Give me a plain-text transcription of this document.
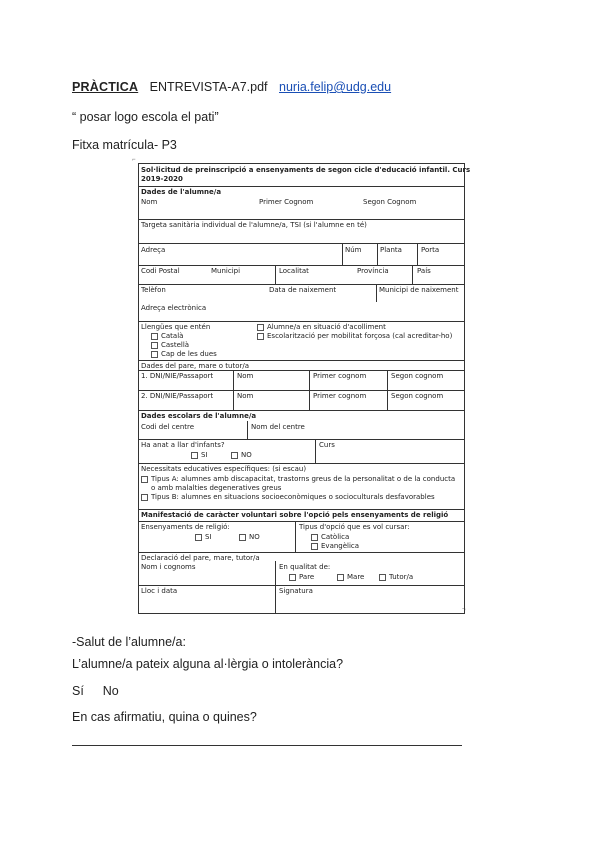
PRÀCTICA ENTREVISTA-A7.pdf nuria.felip@udg.edu
“ posar logo escola el pati”
Fitxa matrícula- P3
⌐
¬
Sol·licitud de preinscripció a ensenyaments de segon cicle d'educació infantil. Curs
2019-2020
Dades de l'alumne/a
Nom	Primer Cognom	Segon Cognom
Targeta sanitària individual de l'alumne/a, TSI (si l'alumne en té)
Adreça	Núm	Planta	Porta
Codi Postal	Municipi	Localitat	Província	País
Telèfon	Data de naixement	Municipi de naixement
Adreça electrònica
Llengües que entén
Català
Castellà
Cap de les dues
Alumne/a en situació d'acolliment
Escolarització per mobilitat forçosa (cal acreditar-ho)
Dades del pare, mare o tutor/a
1. DNI/NIE/Passaport	Nom	Primer cognom	Segon cognom
2. DNI/NIE/Passaport	Nom	Primer cognom	Segon cognom
Dades escolars de l'alumne/a
Codi del centre	Nom del centre
Ha anat a llar d'infants?
SI	NO
Curs
Necessitats educatives específiques: (si escau)
Tipus A: alumnes amb discapacitat, trastorns greus de la personalitat o de la conducta
o amb malalties degeneratives greus
Tipus B: alumnes en situacions socioeconòmiques o socioculturals desfavorables
Manifestació de caràcter voluntari sobre l'opció pels ensenyaments de religió
Ensenyaments de religió:
SI	NO
Tipus d'opció que es vol cursar:
Catòlica
Evangèlica
Declaració del pare, mare, tutor/a
Nom i cognoms	En qualitat de:
Pare	Mare	Tutor/a
Lloc i data	Signatura
-Salut de l’alumne/a:
L’alumne/a pateix alguna al·lèrgia o intolerància?
Sí No
En cas afirmatiu, quina o quines?
